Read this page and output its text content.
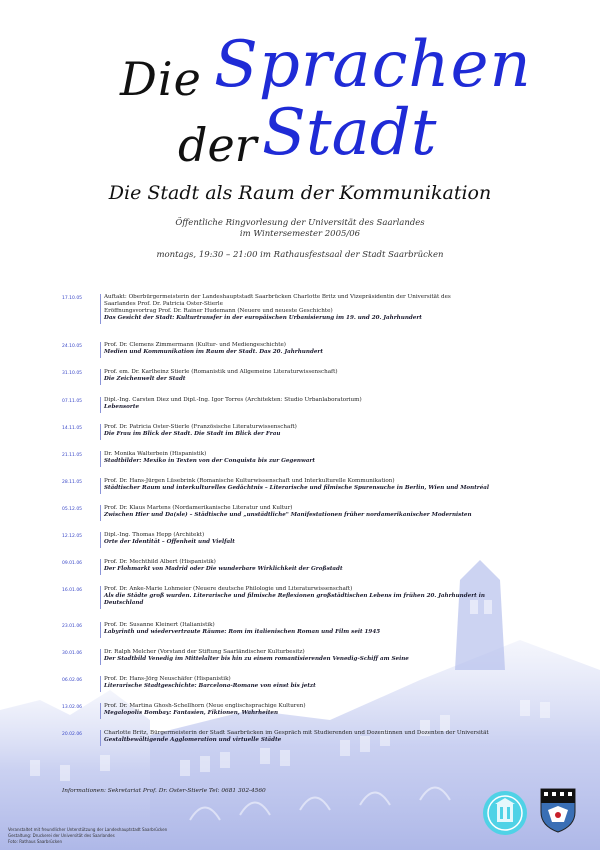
Die Sprachen
der Stadt
Die Stadt als Raum der Kommunikation
Öffentliche Ringvorlesung der Universität des Saarlandes
im Wintersemester 2005/06
montags, 19:30 – 21:00 im Rathausfestsaal der Stadt Saarbrücken
17.10.05	Auftakt: Oberbürgermeisterin der Landeshauptstadt Saarbrücken Charlotte Britz und Vizepräsidentin der Universität des
Saarlandes Prof. Dr. Patricia Oster-Stierle
Eröffnungsvortrag Prof. Dr. Rainer Hudemann (Neuere und neueste Geschichte)
Das Gesicht der Stadt: Kulturtransfer in der europäischen Urbanisierung im 19. und 20. Jahrhundert
24.10.05	Prof. Dr. Clemens Zimmermann (Kultur- und Mediengeschichte)
Medien und Kommunikation im Raum der Stadt. Das 20. Jahrhundert
31.10.05	Prof. em. Dr. Karlheinz Stierle (Romanistik und Allgemeine Literaturwissenschaft)
Die Zeichenwelt der Stadt
07.11.05	Dipl.-Ing. Carsten Diez und Dipl.-Ing. Igor Torres (Architekten: Studio Urbanlaboratorium)
Lebensorte
14.11.05	Prof. Dr. Patricia Oster-Stierle (Französische Literaturwissenschaft)
Die Frau im Blick der Stadt. Die Stadt im Blick der Frau
21.11.05	Dr. Monika Walterbein (Hispanistik)
Stadtbilder: Mexiko in Texten von der Conquista bis zur Gegenwart
28.11.05	Prof. Dr. Hans-Jürgen Lüsebrink (Romanische Kulturwissenschaft und Interkulturelle Kommunikation)
Städtischer Raum und interkulturelles Gedächtnis – Literarische und filmische Spurensuche in Berlin, Wien und Montréal
05.12.05	Prof. Dr. Klaus Martens (Nordamerikanische Literatur und Kultur)
Zwischen Hier und Da(sle) – Städtische und „unstädtliche" Manifestationen früher nordamerikanischer Modernisten
12.12.05	Dipl.-Ing. Thomas Hepp (Architekt)
Orte der Identität – Offenheit und Vielfalt
09.01.06	Prof. Dr. Mechthild Albert (Hispanistik)
Der Flohmarkt von Madrid oder Die wunderbare Wirklichkeit der Großstadt
16.01.06	Prof. Dr. Anke-Marie Lohmeier (Neuere deutsche Philologie und Literaturwissenschaft)
Als die Städte groß wurden. Literarische und filmische Reflexionen großstädtischen Lebens im frühen 20. Jahrhundert in
Deutschland
23.01.06	Prof. Dr. Susanne Kleinert (Italianistik)
Labyrinth und wiedervertraute Räume: Rom im italienischen Roman und Film seit 1945
30.01.06	Dr. Ralph Melcher (Vorstand der Stiftung Saarländischer Kulturbesitz)
Der Stadtbild Venedig im Mittelalter bis hin zu einem romantisierenden Venedig-Schiff am Seine
06.02.06	Prof. Dr. Hans-Jörg Neuschäfer (Hispanistik)
Literarische Stadtgeschichte: Barcelona-Romane von einst bis jetzt
13.02.06	Prof. Dr. Martina Ghosh-Schellhorn (Neue englischsprachige Kulturen)
Megalopolis Bombay: Fantasien, Fiktionen, Wahrheiten
20.02.06	Charlotte Britz, Bürgermeisterin der Stadt Saarbrücken im Gespräch mit Studierenden und Dozentinnen und Dozenten der Universität
Gestaltbewältigende Agglomeration und virtuelle Städte
Informationen: Sekretariat Prof. Dr. Oster-Stierle Tel: 0681 302-4560
Veranstaltet mit freundlicher Unterstützung der Landeshauptstadt Saarbrücken
Gestaltung: Druckerei der Universität des Saarlandes
Foto: Rathaus Saarbrücken
